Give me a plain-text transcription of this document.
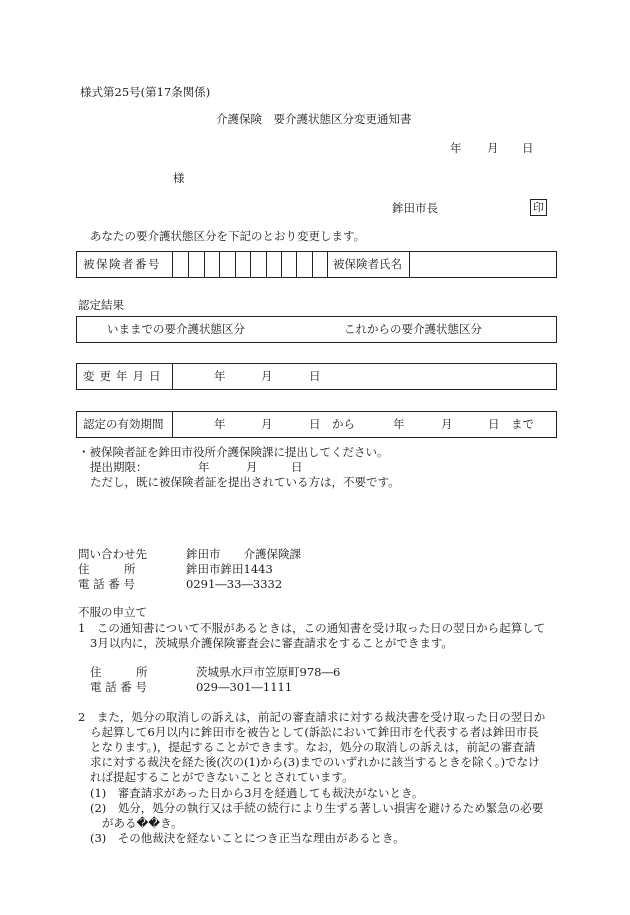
様式第25号(第17条関係)
介護保険　要介護状態区分変更通知書
年 月 日
様
鉾田市長	印
あなたの要介護状態区分を下記のとおり変更します。
被保険者番号	被保険者氏名
認定結果
いままでの要介護状態区分	これからの要介護状態区分
変更年月日	年	月	日
認定の有効期間	年	月	日 から	年	月	日 まで
・被保険者証を鉾田市役所介護保険課に提出してください。
提出期限：	年	月	日
ただし，既に被保険者証を提出されている方は，不要です。
問い合わせ先	鉾田市　　介護保険課
住　　　所	鉾田市鉾田1443
電 話 番 号	0291―33―3332
不服の申立て
1　この通知書について不服があるときは，この通知書を受け取った日の翌日から起算して
3月以内に，茨城県介護保険審査会に審査請求をすることができます。
住　　　所	茨城県水戸市笠原町978―6
電 話 番 号	029―301―1111
2　また，処分の取消しの訴えは，前記の審査請求に対する裁決書を受け取った日の翌日か
ら起算して6月以内に鉾田市を被告として(訴訟において鉾田市を代表する者は鉾田市長
となります。)，提起することができます。なお，処分の取消しの訴えは，前記の審査請
求に対する裁決を経た後(次の(1)から(3)までのいずれかに該当するときを除く。)でなけ
れば提起することができないこととされています。
(1)　審査請求があった日から3月を経過しても裁決がないとき。
(2)　処分，処分の執行又は手続の続行により生ずる著しい損害を避けるため緊急の必要
がある��き。
(3)　その他裁決を経ないことにつき正当な理由があるとき。
